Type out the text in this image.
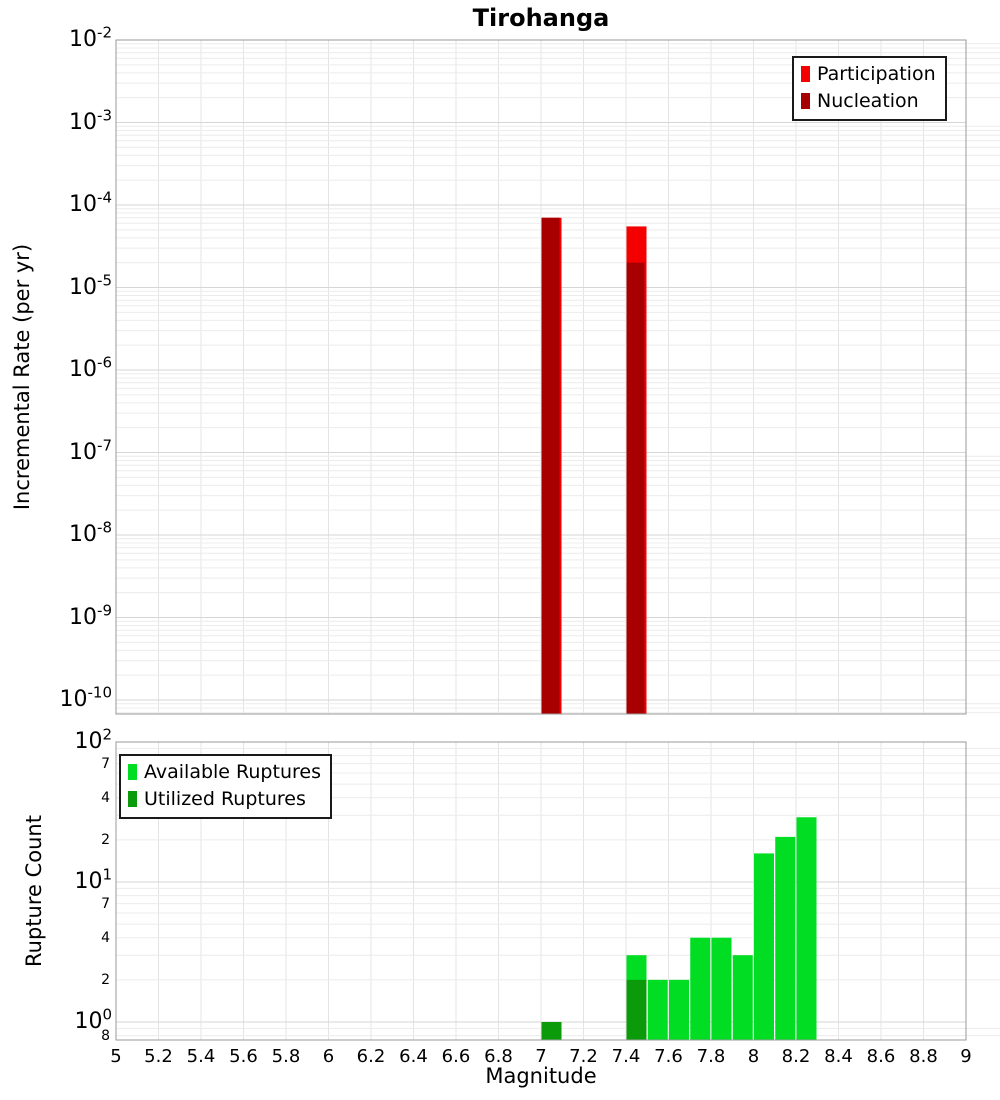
Tirohanga
Incremental Rate (per yr)
Rupture Count
Magnitude
Participation
Nucleation
Available Ruptures
Utilized Ruptures
$10^{-2}$
$10^{-3}$
$10^{-4}$
$10^{-5}$
$10^{-6}$
$10^{-7}$
$10^{-8}$
$10^{-9}$
$10^{-10}$
$10^2$
$10^1$
$10^0$
7
4
2
7
4
2
8
5	5.2 5.4 5.6 5.8	6	6.2 6.4 6.6 6.8	7	7.2 7.4 7.6 7.8	8	8.2 8.4 8.6 8.8	9
